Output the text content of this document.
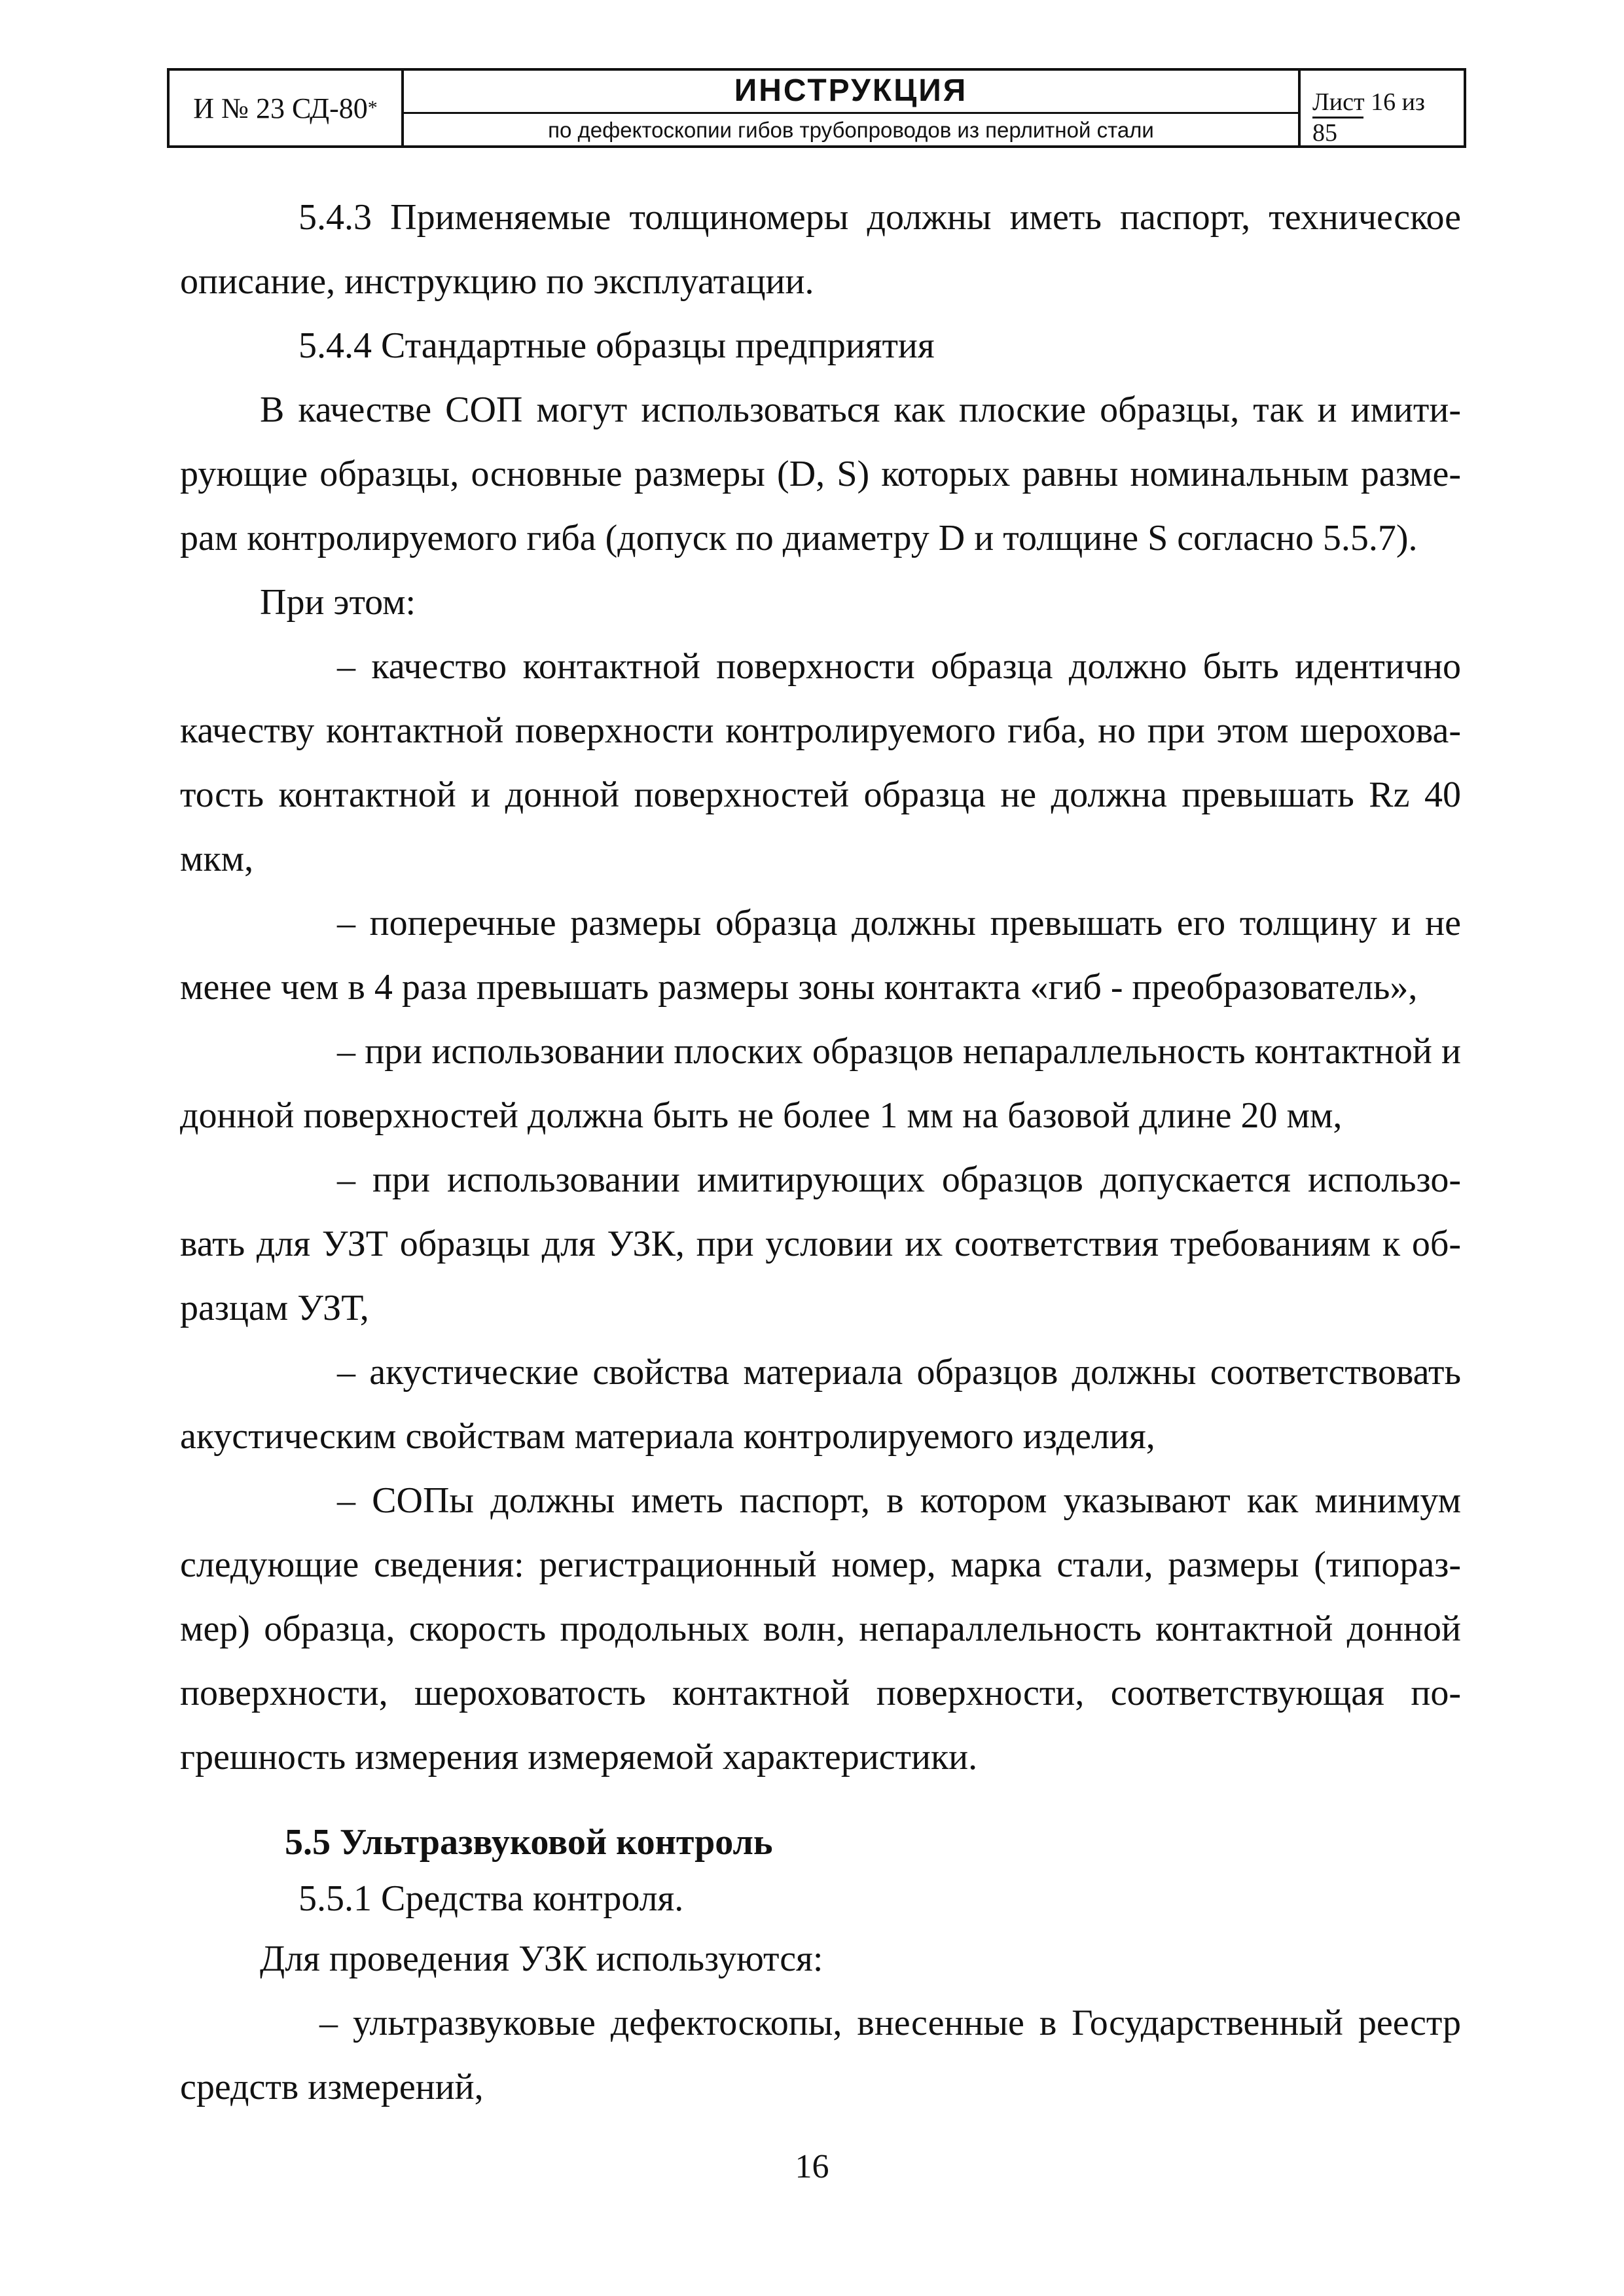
И № 23 СД-80 *	ИНСТРУКЦИЯ
по дефектоскопии гибов трубопроводов из перлитной стали
Лист 16 из
85

5.4.3 Применяемые толщиномеры должны иметь паспорт, техническое описание, инструкцию по эксплуатации.

5.4.4 Стандартные образцы предприятия

В качестве СОП могут использоваться как плоские образцы, так и имитирующие образцы, основные размеры (D, S) которых равны номинальным размерам контролируемого гиба (допуск по диаметру D и толщине S согласно 5.5.7).

При этом:

– качество контактной поверхности образца должно быть идентично качеству контактной поверхности контролируемого гиба, но при этом шероховатость контактной и донной поверхностей образца не должна превышать Rz 40 мкм,

– поперечные размеры образца должны превышать его толщину и не менее чем в 4 раза превышать размеры зоны контакта «гиб - преобразователь»,

– при использовании плоских образцов непараллельность контактной и донной поверхностей должна быть не более 1 мм на базовой длине 20 мм,

– при использовании имитирующих образцов допускается использовать для УЗТ образцы для УЗК, при условии их соответствия требованиям к образцам УЗТ,

– акустические свойства материала образцов должны соответствовать акустическим свойствам материала контролируемого изделия,

– СОПы должны иметь паспорт, в котором указывают как минимум следующие сведения: регистрационный номер, марка стали, размеры (типоразмер) образца, скорость продольных волн, непараллельность контактной донной поверхности, шероховатость контактной поверхности, соответствующая погрешность измерения измеряемой характеристики.

5.5 Ультразвуковой контроль

5.5.1 Средства контроля.

Для проведения УЗК используются:

– ультразвуковые дефектоскопы, внесенные в Государственный реестр средств измерений,

16
